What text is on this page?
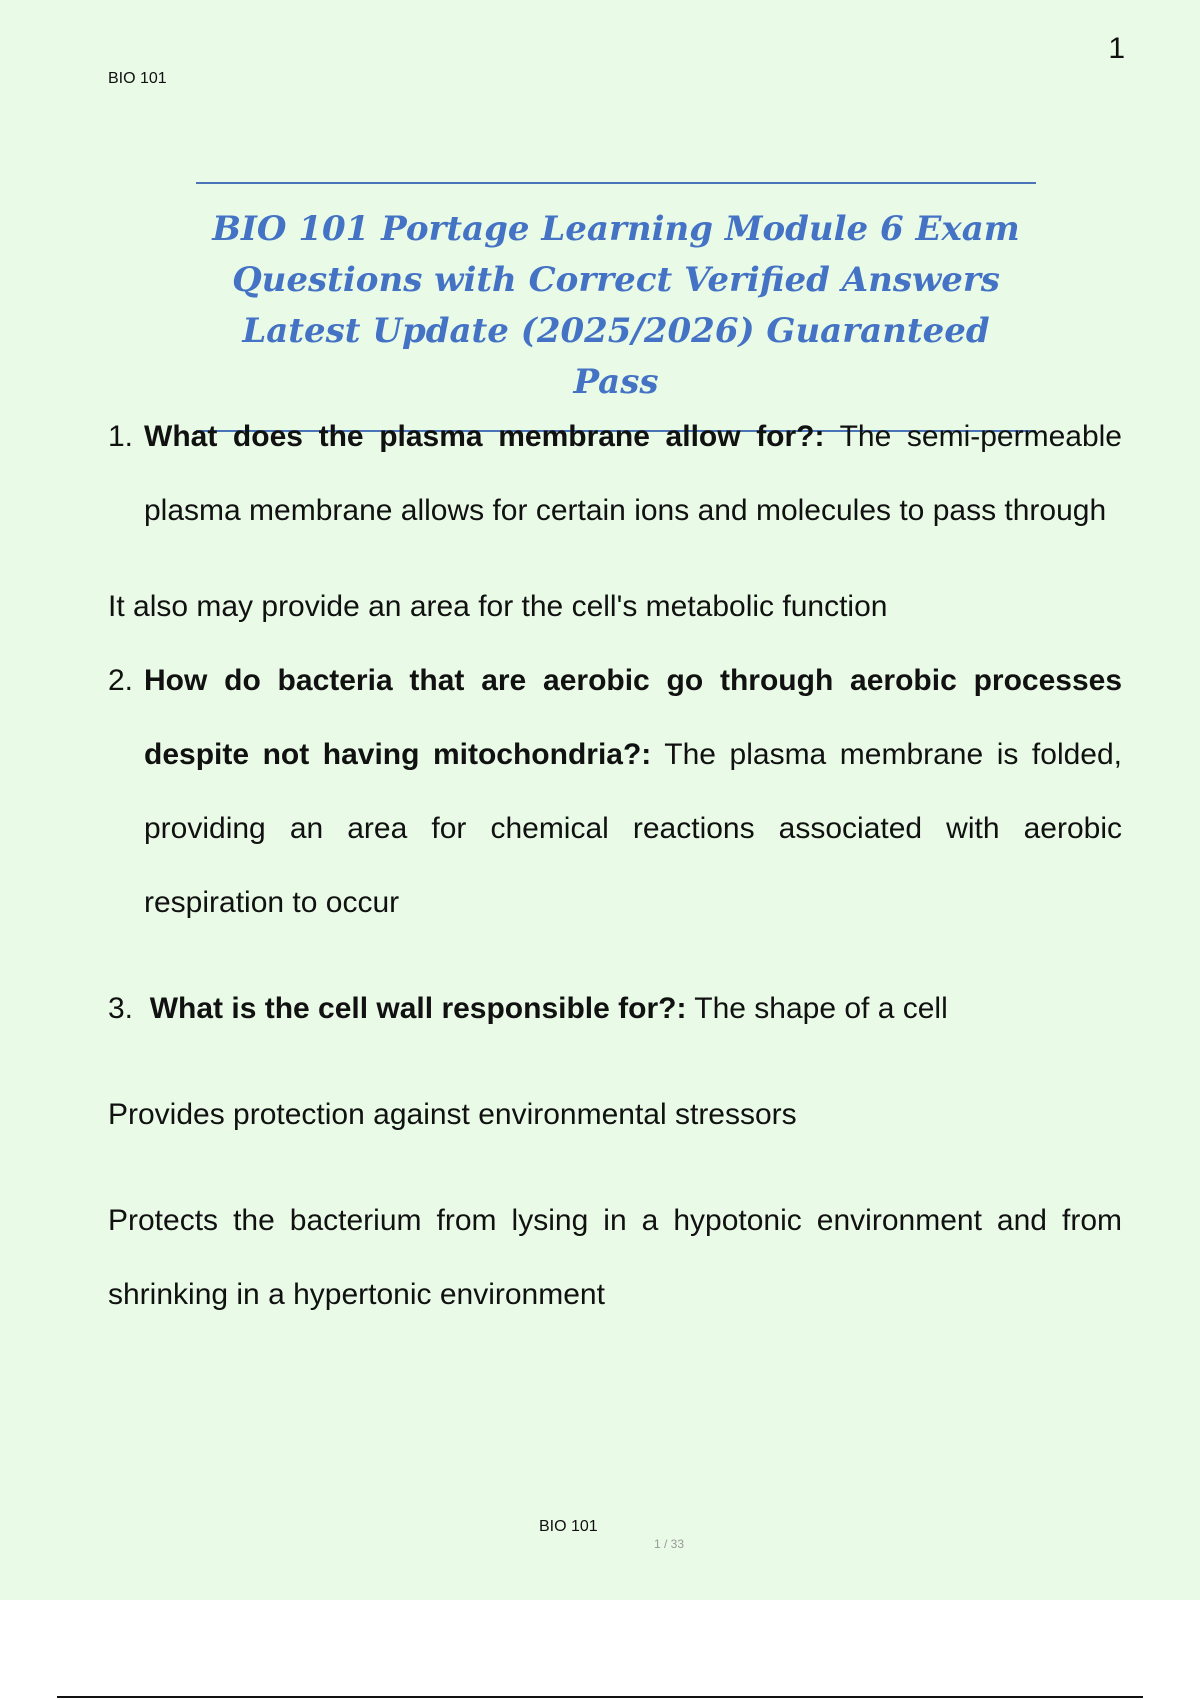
1
BIO 101
BIO 101 Portage Learning Module 6 Exam
Questions with Correct Verified Answers
Latest Update (2025/2026) Guaranteed Pass

1. What does the plasma membrane allow for?: The semi-permeable plasma membrane allows for certain ions and molecules to pass through

It also may provide an area for the cell's metabolic function

2. How do bacteria that are aerobic go through aerobic processes despite not having mitochondria?: The plasma membrane is folded, providing an area for chemical reactions associated with aerobic respiration to occur

3. What is the cell wall responsible for?: The shape of a cell

Provides protection against environmental stressors

Protects the bacterium from lysing in a hypotonic environment and from shrinking in a hypertonic environment

BIO 101
1 / 33
